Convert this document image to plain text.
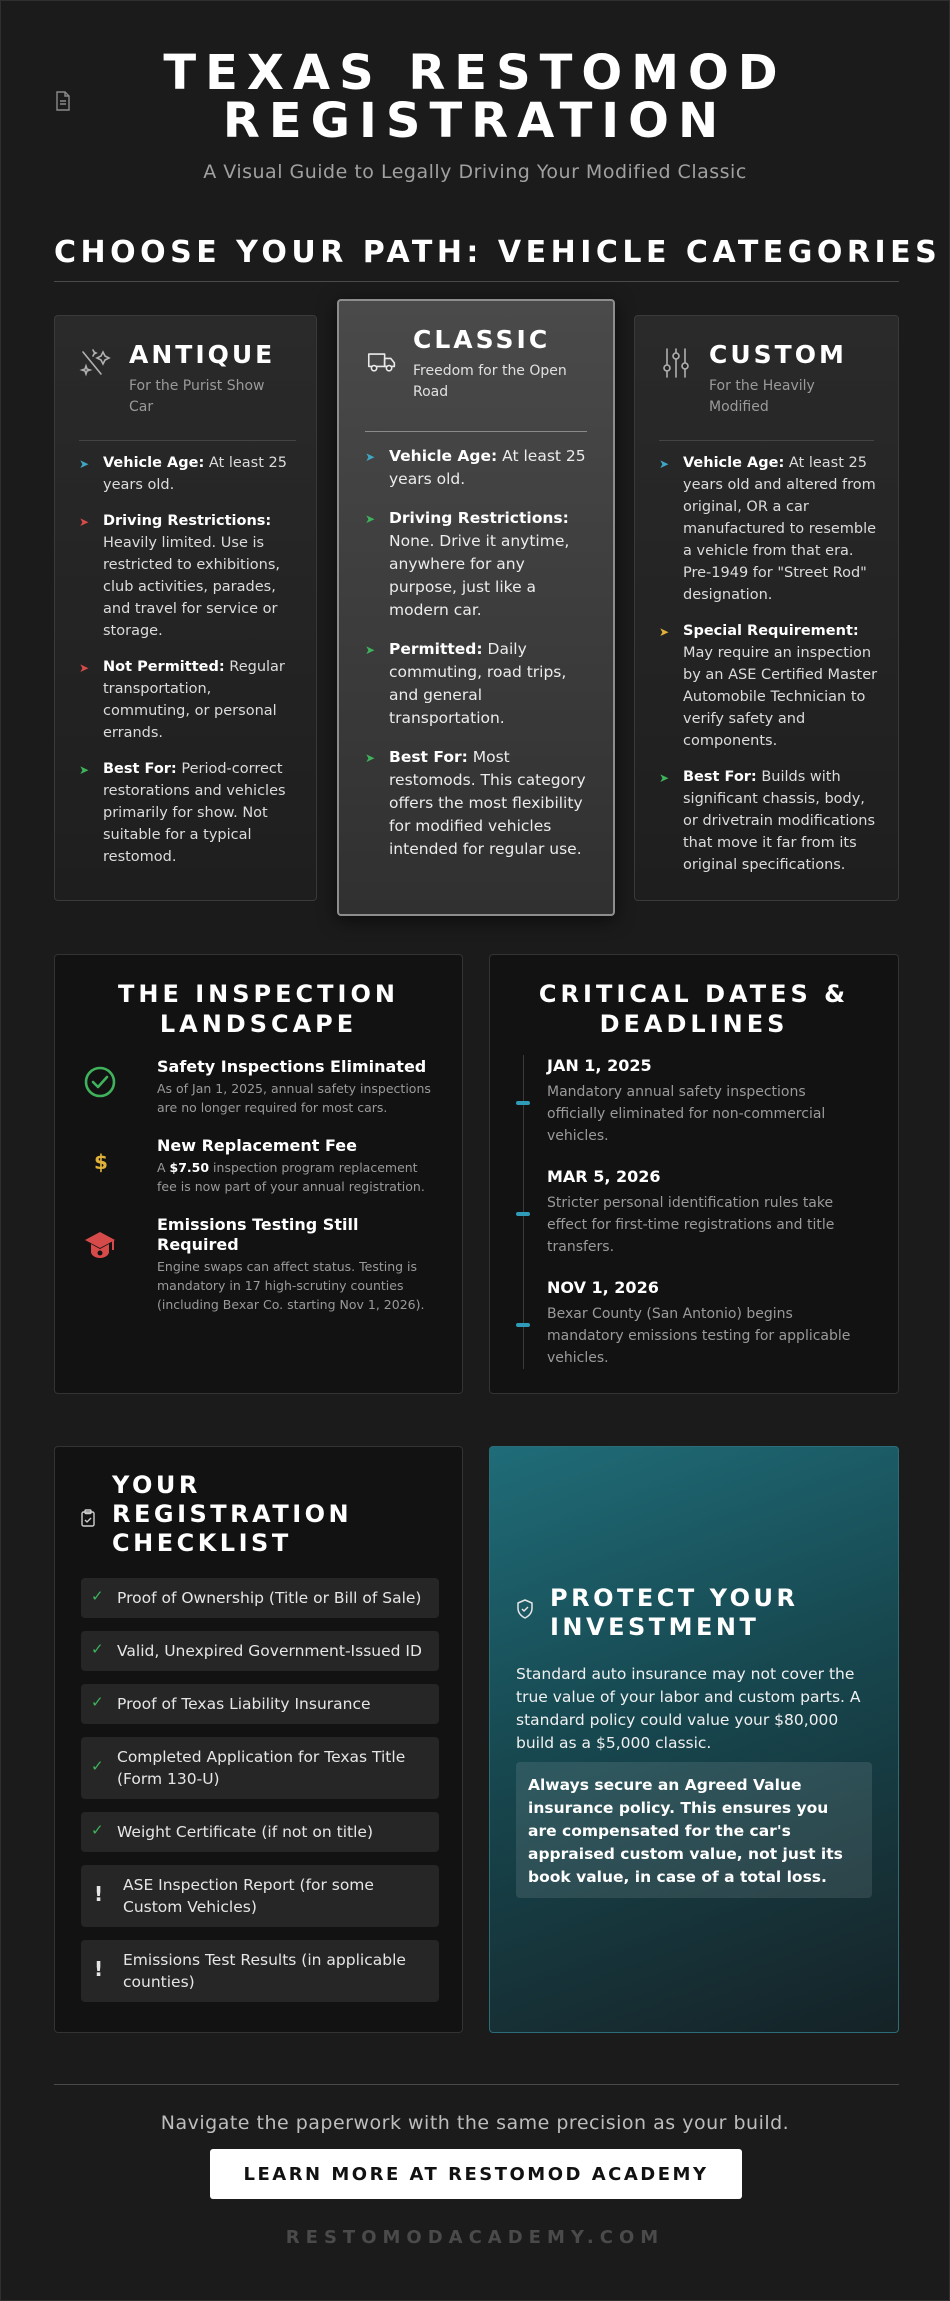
TEXAS RESTOMOD
REGISTRATION
A Visual Guide to Legally Driving Your Modified Classic
CHOOSE YOUR PATH: VEHICLE CATEGORIES
ANTIQUE
For the Purist Show Car
➤ Vehicle Age: At least 25 years old.
➤ Driving Restrictions: Heavily limited. Use is restricted to exhibitions, club activities, parades, and travel for service or storage.
➤ Not Permitted: Regular transportation, commuting, or personal errands.
➤ Best For: Period-correct restorations and vehicles primarily for show. Not suitable for a typical restomod.
CLASSIC
Freedom for the Open Road
➤ Vehicle Age: At least 25 years old.
➤ Driving Restrictions: None. Drive it anytime, anywhere for any purpose, just like a modern car.
➤ Permitted: Daily commuting, road trips, and general transportation.
➤ Best For: Most restomods. This category offers the most flexibility for modified vehicles intended for regular use.
CUSTOM
For the Heavily Modified
➤ Vehicle Age: At least 25 years old and altered from original, OR a car manufactured to resemble a vehicle from that era. Pre-1949 for "Street Rod" designation.
➤ Special Requirement: May require an inspection by an ASE Certified Master Automobile Technician to verify safety and components.
➤ Best For: Builds with significant chassis, body, or drivetrain modifications that move it far from its original specifications.
THE INSPECTION
LANDSCAPE
Safety Inspections Eliminated
As of Jan 1, 2025, annual safety inspections are no longer required for most cars.
$
New Replacement Fee
A $7.50 inspection program replacement fee is now part of your annual registration.
Emissions Testing Still Required
Engine swaps can affect status. Testing is mandatory in 17 high-scrutiny counties (including Bexar Co. starting Nov 1, 2026).
CRITICAL DATES &
DEADLINES
JAN 1, 2025
Mandatory annual safety inspections officially eliminated for non-commercial vehicles.
MAR 5, 2026
Stricter personal identification rules take effect for first-time registrations and title transfers.
NOV 1, 2026
Bexar County (San Antonio) begins mandatory emissions testing for applicable vehicles.
YOUR
REGISTRATION
CHECKLIST
✓ Proof of Ownership (Title or Bill of Sale)
✓ Valid, Unexpired Government-Issued ID
✓ Proof of Texas Liability Insurance
✓ Completed Application for Texas Title (Form 130-U)
✓ Weight Certificate (if not on title)
! ASE Inspection Report (for some Custom Vehicles)
! Emissions Test Results (in applicable counties)
PROTECT YOUR
INVESTMENT
Standard auto insurance may not cover the true value of your labor and custom parts. A standard policy could value your $80,000 build as a $5,000 classic.
Always secure an Agreed Value insurance policy. This ensures you are compensated for the car's appraised custom value, not just its book value, in case of a total loss.
Navigate the paperwork with the same precision as your build.
LEARN MORE AT RESTOMOD ACADEMY
RESTOMODACADEMY.COM
